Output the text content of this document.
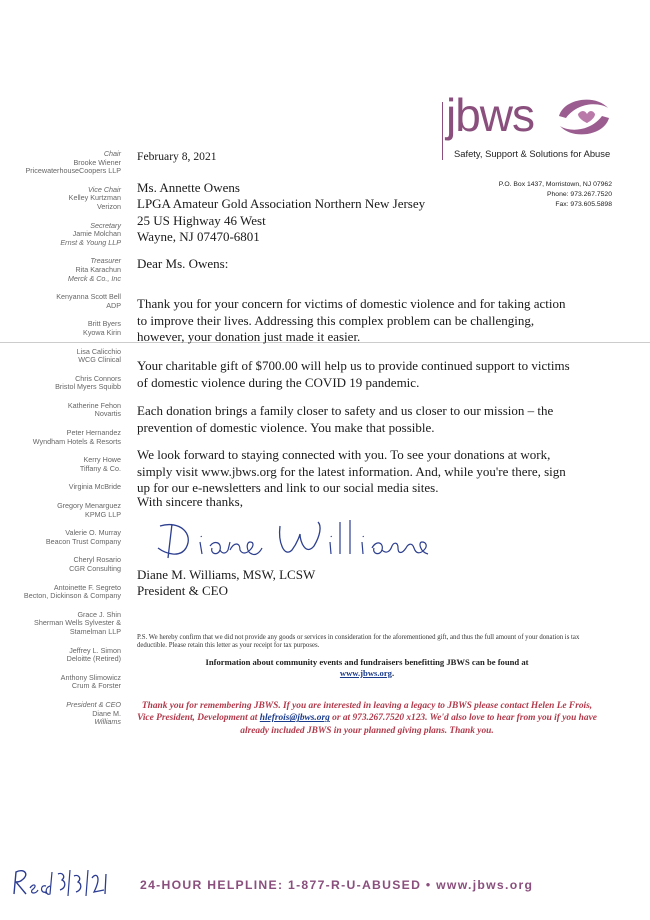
jbws
Safety, Support & Solutions for Abuse
P.O. Box 1437, Morristown, NJ 07962
Phone: 973.267.7520
Fax: 973.605.5898
Chair
Brooke Wiener
PricewaterhouseCoopers LLP
Vice Chair
Kelley Kurtzman
Verizon
Secretary
Jamie Molchan
Ernst & Young LLP
Treasurer
Rita Karachun
Merck & Co., Inc
Kenyanna Scott Bell
ADP
Britt Byers
Kyowa Kirin
Lisa Calicchio
WCG Clinical
Chris Connors
Bristol Myers Squibb
Katherine Fehon
Novartis
Peter Hernandez
Wyndham Hotels & Resorts
Kerry Howe
Tiffany & Co.
Virginia McBride
Gregory Menarguez
KPMG LLP
Valerie O. Murray
Beacon Trust Company
Cheryl Rosario
CGR Consulting
Antoinette F. Segreto
Becton, Dickinson & Company
Grace J. Shin
Sherman Wells Sylvester & Stamelman LLP
Jeffrey L. Simon
Deloitte (Retired)
Anthony Slimowicz
Crum & Forster
President & CEO
Diane M.
Williams
February 8, 2021
Ms. Annette Owens
LPGA Amateur Gold Association Northern New Jersey
25 US Highway 46 West
Wayne, NJ 07470-6801
Dear Ms. Owens:

Thank you for your concern for victims of domestic violence and for taking action to improve their lives. Addressing this complex problem can be challenging, however, your donation just made it easier.

Your charitable gift of $700.00 will help us to provide continued support to victims of domestic violence during the COVID 19 pandemic.

Each donation brings a family closer to safety and us closer to our mission – the prevention of domestic violence. You make that possible.

We look forward to staying connected with you. To see your donations at work, simply visit www.jbws.org for the latest information. And, while you're there, sign up for our e-newsletters and link to our social media sites.

With sincere thanks,
Diane M. Williams, MSW, LCSW
President & CEO

P.S. We hereby confirm that we did not provide any goods or services in consideration for the aforementioned gift, and thus the full amount of your donation is tax deductible. Please retain this letter as your receipt for tax purposes.

Information about community events and fundraisers benefitting JBWS can be found at
www.jbws.org.
Thank you for remembering JBWS. If you are interested in leaving a legacy to JBWS please contact Helen Le Frois, Vice President, Development at hlefrois@jbws.org or at 973.267.7520 x123. We'd also love to hear from you if you have already included JBWS in your planned giving plans. Thank you.
24-HOUR HELPLINE: 1-877-R-U-ABUSED • www.jbws.org
